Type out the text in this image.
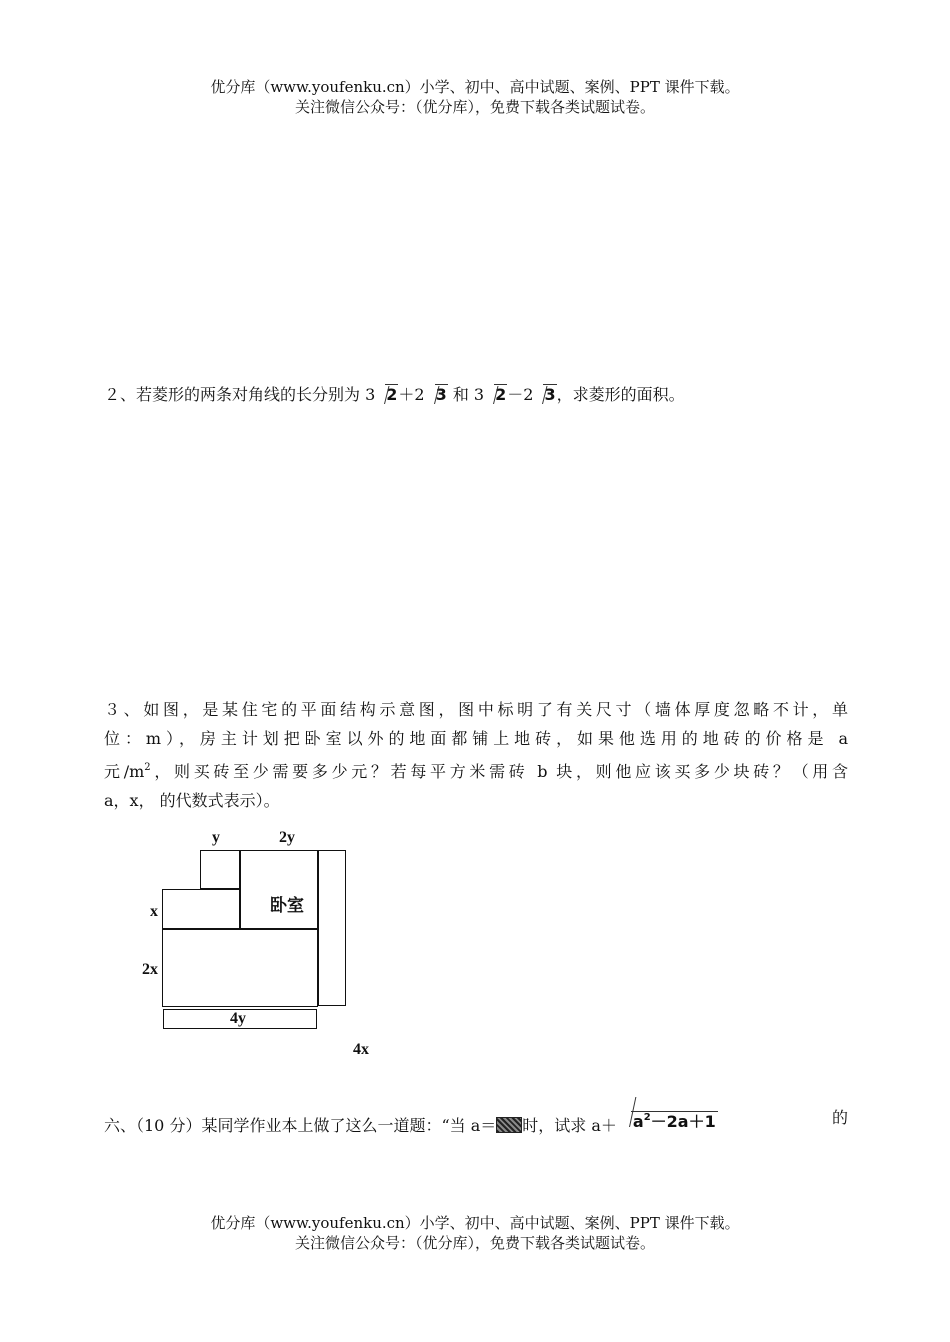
优分库（www.youfenku.cn）小学、初中、高中试题、案例、PPT 课件下载。
关注微信公众号：（优分库），免费下载各类试题试卷。
２、若菱形的两条对角线的长分别为 3 2＋2 3 和 3 2－2 3，求菱形的面积。
３、如图，是某住宅的平面结构示意图，图中标明了有关尺寸（墙体厚度忽略不计，单
位：m），房主计划把卧室以外的地面都铺上地砖，如果他选用的地砖的价格是 a
元$/m^2$，则买砖至少需要多少元？若每平方米需砖 b 块，则他应该买多少块砖？（用含
a，x， 的代数式表示）。
y	2y
卧室
x
2x
4y
4x
六、（10 分）某同学作业本上做了这么一道题：“当 a＝ 时，试求 $a+ a^2-2a+1$	的
优分库（www.youfenku.cn）小学、初中、高中试题、案例、PPT 课件下载。
关注微信公众号：（优分库），免费下载各类试题试卷。
